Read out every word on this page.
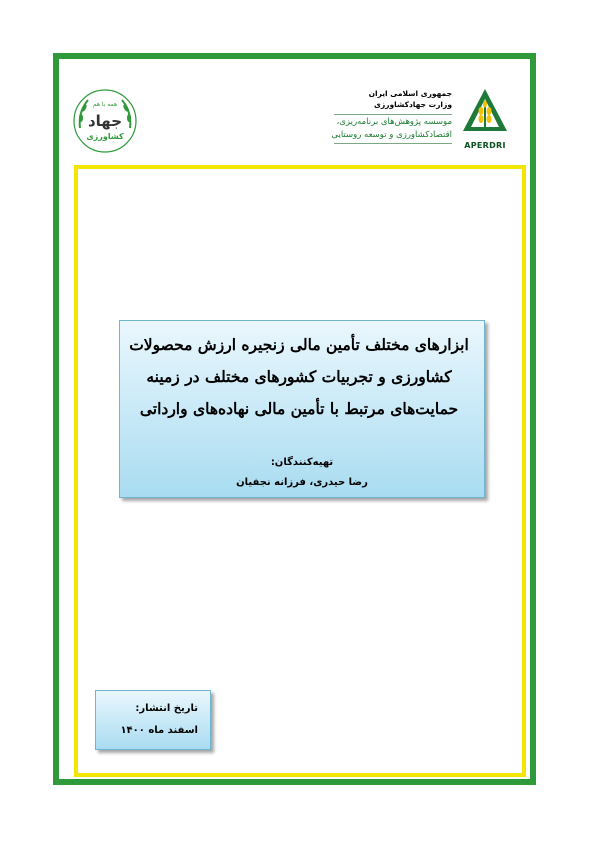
همه با هم
جهاد
کشاورزی
جمهوری اسلامی ایران
وزارت جهادکشاورزی
موسسه پژوهش‌های برنامه‌ریزی،
اقتصادکشاورزی و توسعه روستایی
APERDRI
ابزارهای مختلف تأمین مالی زنجیره ارزش محصولات
کشاورزی و تجربیات کشورهای مختلف در زمینه
حمایت‌های مرتبط با تأمین مالی نهاده‌های وارداتی
تهیه‌کنندگان:
رضا حیدری، فرزانه نجفیان
تاریخ انتشار:
اسفند ماه ۱۴۰۰
